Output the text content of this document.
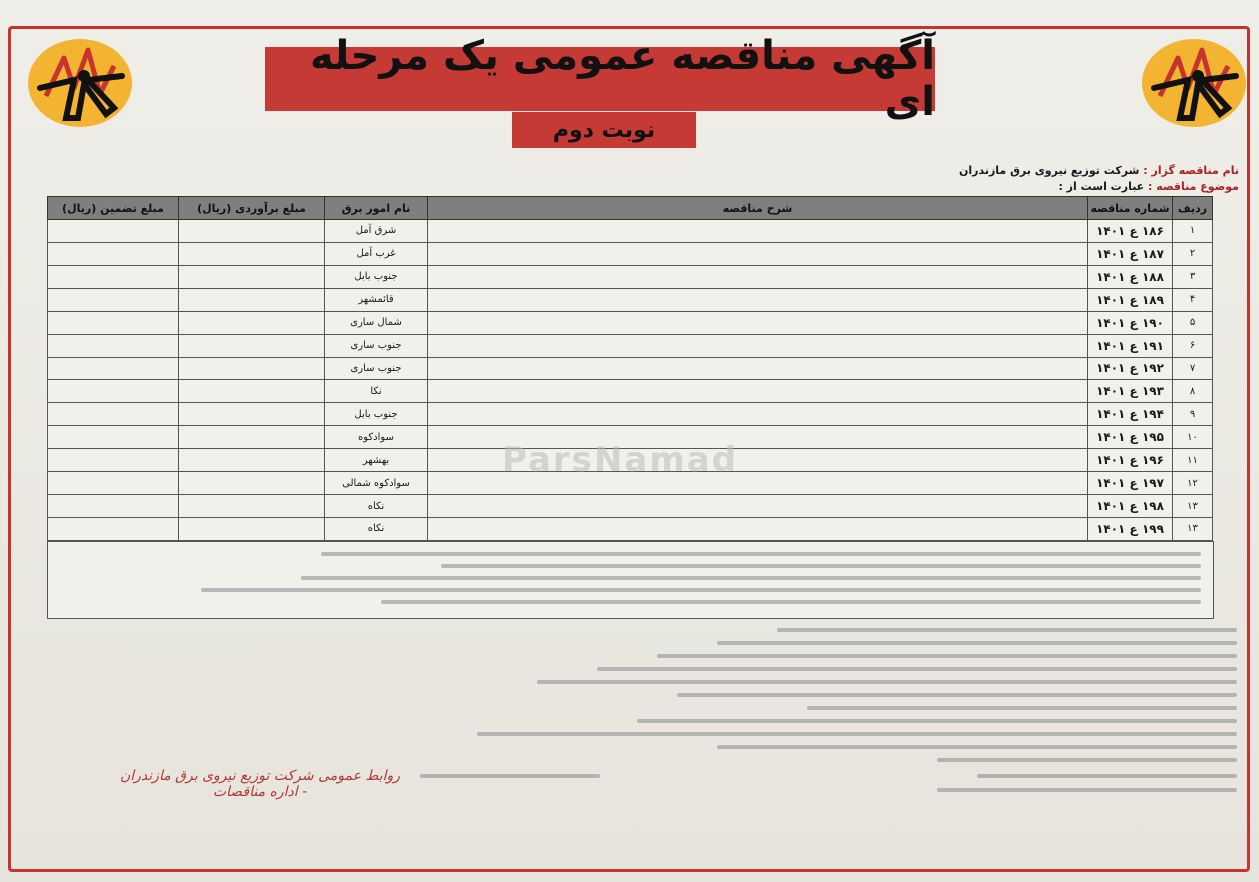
آگهی مناقصه عمومی یک مرحله ای
نوبت دوم
نام مناقصه گزار : شرکت توزیع نیروی برق مازندران
موضوع مناقصه : عبارت است از :
ردیف	شماره مناقصه	شرح مناقصه	نام امور برق	مبلغ برآوردی (ریال)	مبلغ تضمین (ریال)
۱	۱۸۶ ع ۱۴۰۱		شرق آمل		
۲	۱۸۷ ع ۱۴۰۱		غرب آمل		
۳	۱۸۸ ع ۱۴۰۱		جنوب بابل		
۴	۱۸۹ ع ۱۴۰۱		قائمشهر		
۵	۱۹۰ ع ۱۴۰۱		شمال ساری		
۶	۱۹۱ ع ۱۴۰۱		جنوب ساری		
۷	۱۹۲ ع ۱۴۰۱		جنوب ساری		
۸	۱۹۳ ع ۱۴۰۱		نکا		
۹	۱۹۴ ع ۱۴۰۱		جنوب بابل		
۱۰	۱۹۵ ع ۱۴۰۱		سوادکوه		
۱۱	۱۹۶ ع ۱۴۰۱		بهشهر		
۱۲	۱۹۷ ع ۱۴۰۱		سوادکوه شمالی		
۱۳	۱۹۸ ع ۱۴۰۱		نکاه		
۱۳	۱۹۹ ع ۱۴۰۱		نکاه		
ParsNamad
روابط عمومی شرکت توزیع نیروی برق مازندران - اداره مناقصات
